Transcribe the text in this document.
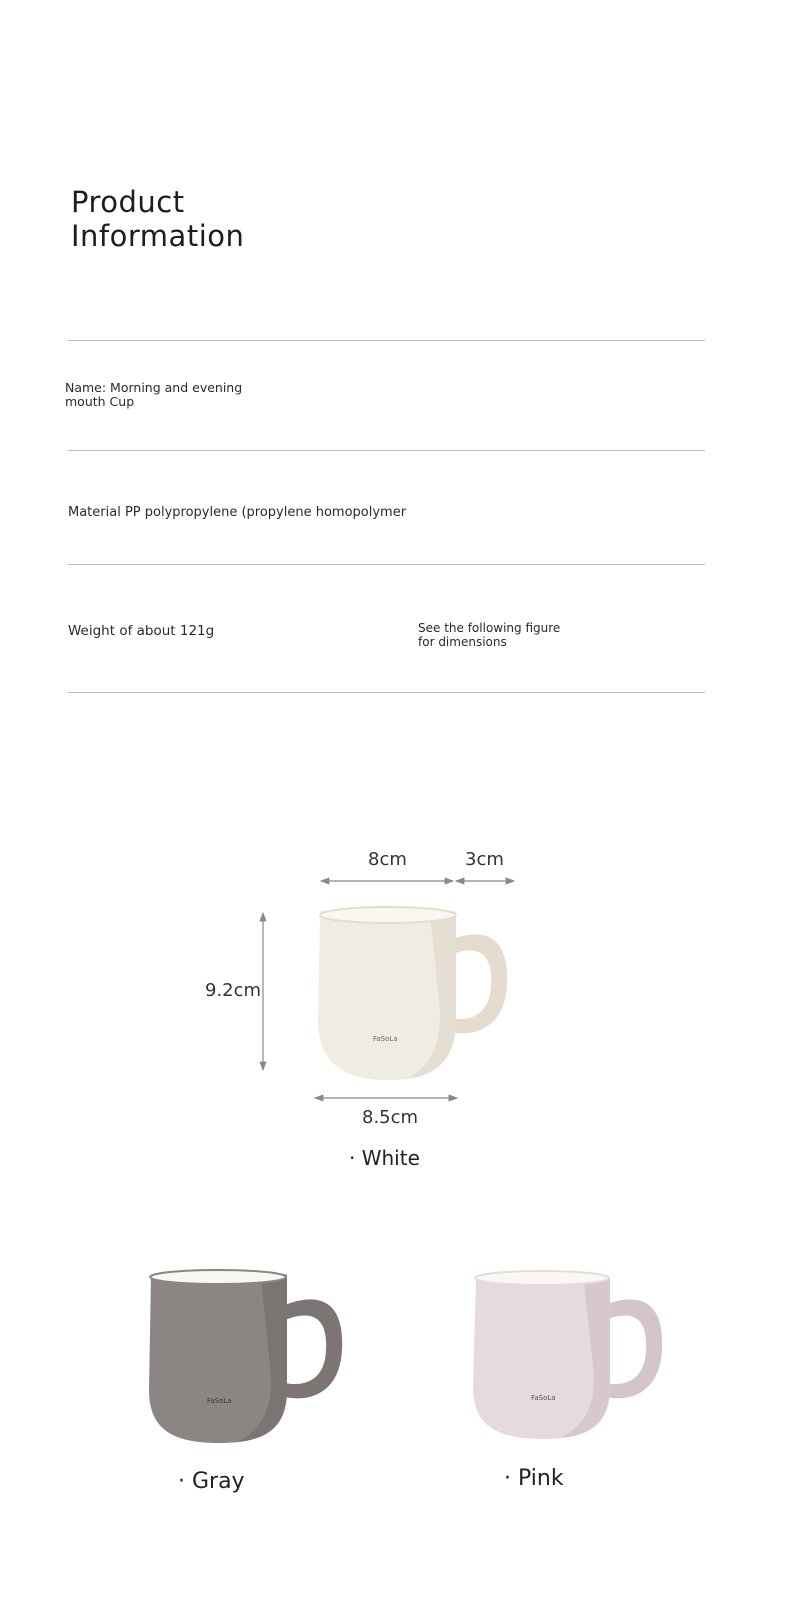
Product
Information
Name: Morning and evening
mouth Cup
Material PP polypropylene (propylene homopolymer
Weight of about 121g	See the following figure
for dimensions
8cm	3cm
9.2cm
8.5cm
FaSoLa
· White
FaSoLa
· Gray
FaSoLa
· Pink
